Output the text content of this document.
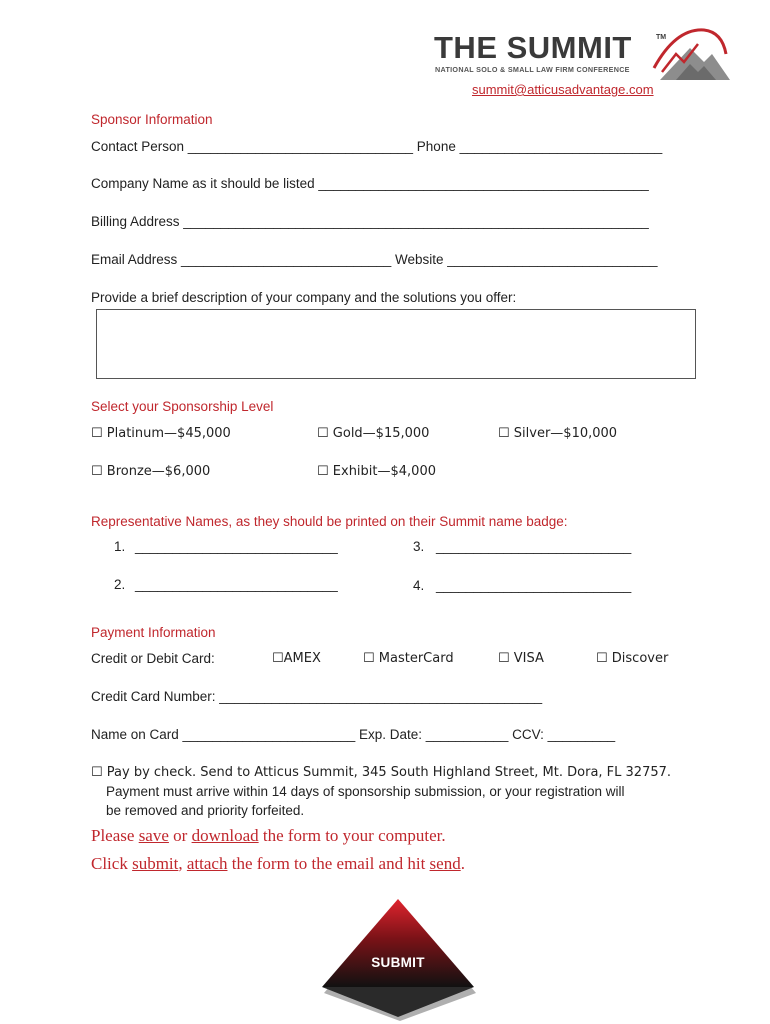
THE SUMMIT	TM
NATIONAL SOLO & SMALL LAW FIRM CONFERENCE
summit@atticusadvantage.com
Sponsor Information
Contact Person ______________________________ Phone ___________________________
Company Name as it should be listed ____________________________________________
Billing Address ______________________________________________________________
Email Address ____________________________ Website ____________________________
Provide a brief description of your company and the solutions you offer:
Select your Sponsorship Level
☐ Platinum—$45,000	☐ Gold—$15,000	☐ Silver—$10,000
☐ Bronze—$6,000	☐ Exhibit—$4,000
Representative Names, as they should be printed on their Summit name badge:
1. ___________________________	3. __________________________
2. ___________________________	4. __________________________
Payment Information
Credit or Debit Card:	☐AMEX	☐ MasterCard	☐ VISA	☐ Discover
Credit Card Number: ___________________________________________
Name on Card _______________________ Exp. Date: ___________ CCV: _________
☐ Pay by check. Send to Atticus Summit, 345 South Highland Street, Mt. Dora, FL 32757.
Payment must arrive within 14 days of sponsorship submission, or your registration will
be removed and priority forfeited.
Please save or download the form to your computer.
Click submit, attach the form to the email and hit send.
SUBMIT
